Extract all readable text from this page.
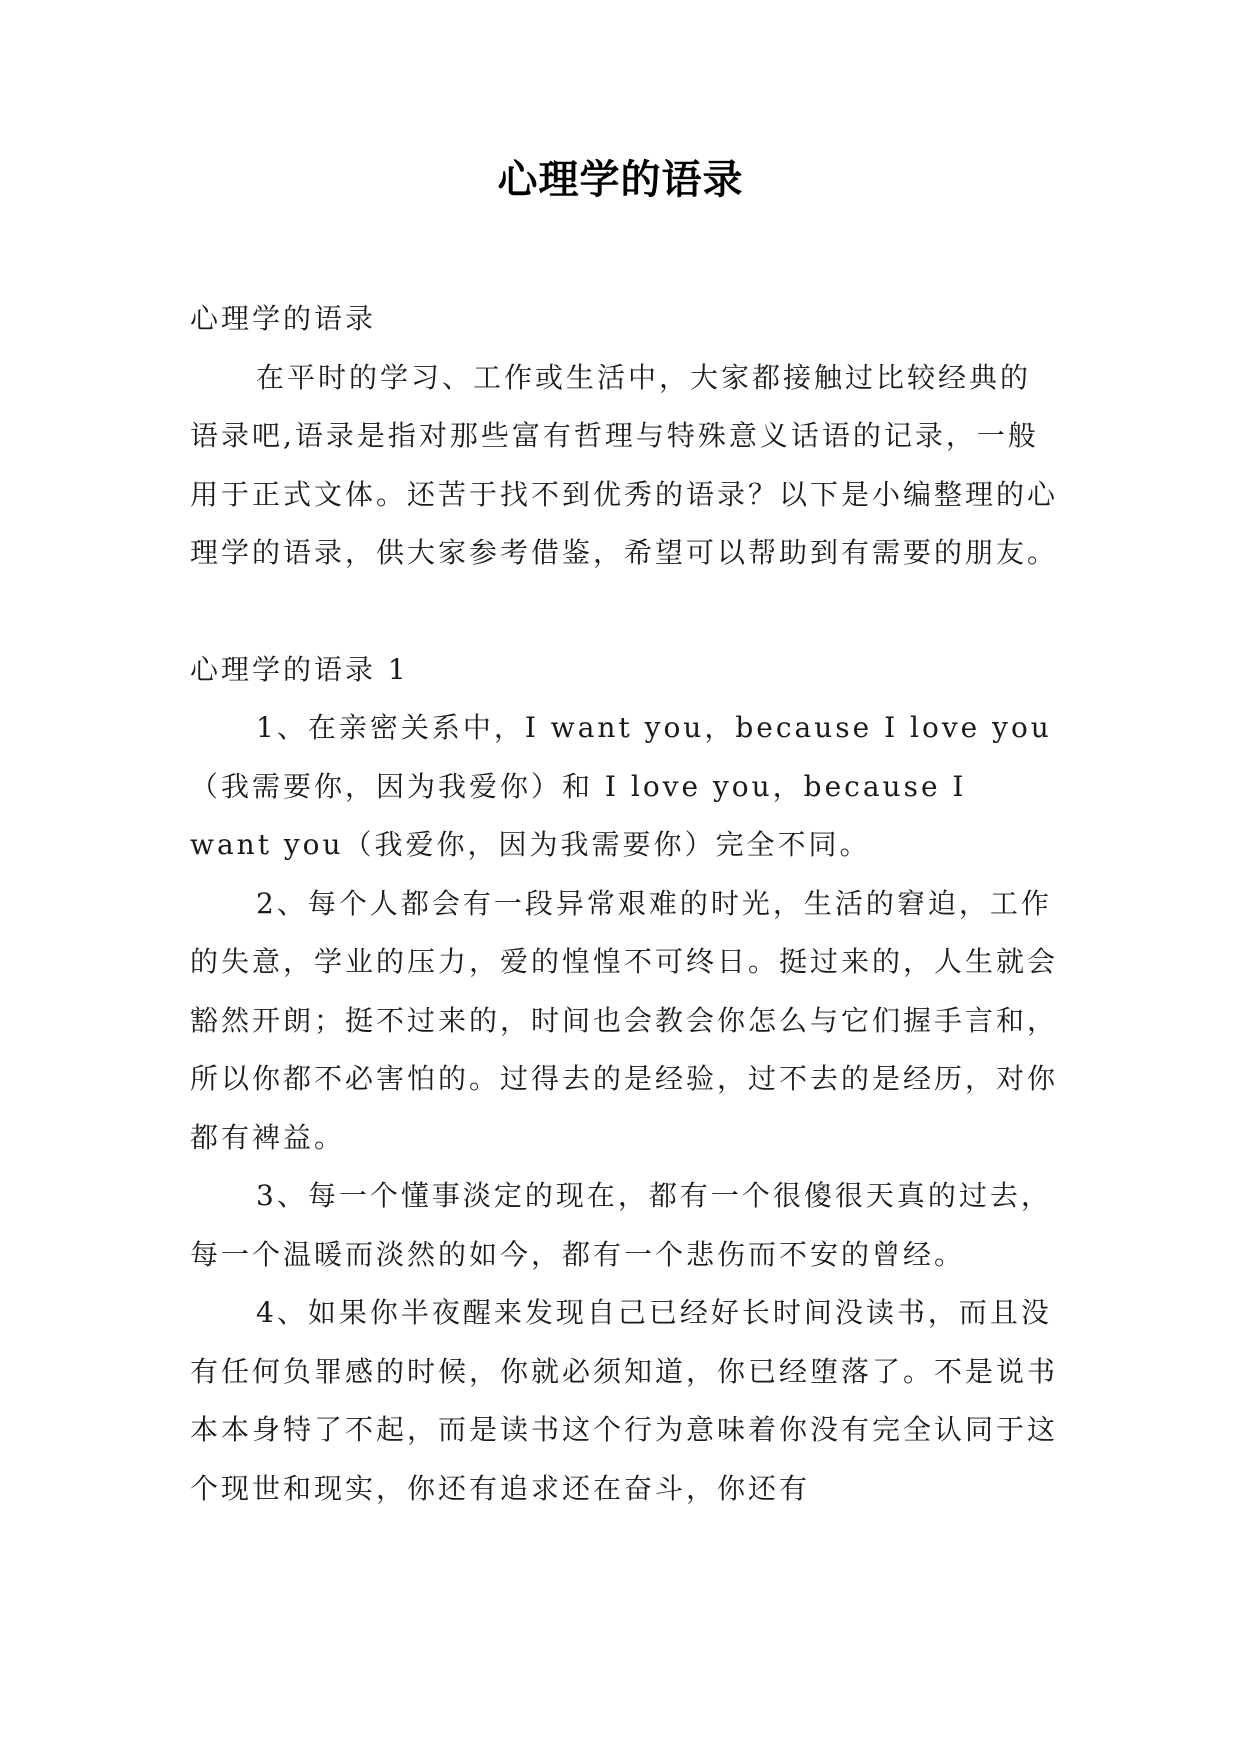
心理学的语录

心理学的语录

在平时的学习、工作或生活中，大家都接触过比较经典的语录吧,语录是指对那些富有哲理与特殊意义话语的记录，一般用于正式文体。还苦于找不到优秀的语录？以下是小编整理的心理学的语录，供大家参考借鉴，希望可以帮助到有需要的朋友。

心理学的语录 1

1、在亲密关系中，I want you，because I love you（我需要你，因为我爱你）和 I love you，because I want you（我爱你，因为我需要你）完全不同。

2、每个人都会有一段异常艰难的时光，生活的窘迫，工作的失意，学业的压力，爱的惶惶不可终日。挺过来的，人生就会豁然开朗；挺不过来的，时间也会教会你怎么与它们握手言和，所以你都不必害怕的。过得去的是经验，过不去的是经历，对你都有裨益。

3、每一个懂事淡定的现在，都有一个很傻很天真的过去，每一个温暖而淡然的如今，都有一个悲伤而不安的曾经。

4、如果你半夜醒来发现自己已经好长时间没读书，而且没有任何负罪感的时候，你就必须知道，你已经堕落了。不是说书本本身特了不起，而是读书这个行为意味着你没有完全认同于这个现世和现实，你还有追求还在奋斗，你还有
